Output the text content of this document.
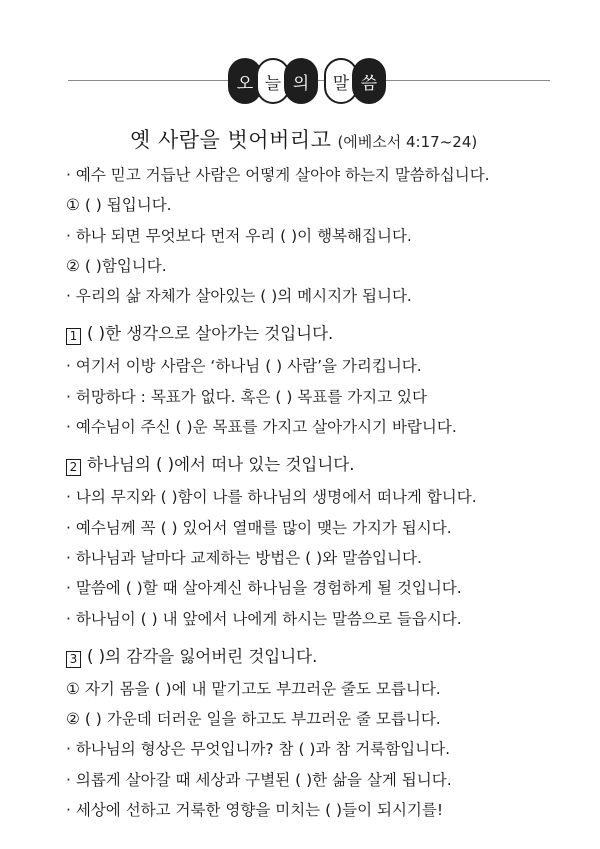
오 늘 의	말 씀
옛 사람을 벗어버리고 (에베소서 4:17~24)
· 예수 믿고 거듭난 사람은 어떻게 살아야 하는지 말씀하십니다.
① ( ) 됩입니다.
· 하나 되면 무엇보다 먼저 우리 ( )이 행복해집니다.
② ( )함입니다.
· 우리의 삶 자체가 살아있는 ( )의 메시지가 됩니다.
1 ( )한 생각으로 살아가는 것입니다.
· 여기서 이방 사람은 ‘하나님 ( ) 사람’을 가리킵니다.
· 허망하다 : 목표가 없다. 혹은 ( ) 목표를 가지고 있다
· 예수님이 주신 ( )운 목표를 가지고 살아가시기 바랍니다.
2 하나님의 ( )에서 떠나 있는 것입니다.
· 나의 무지와 ( )함이 나를 하나님의 생명에서 떠나게 합니다.
· 예수님께 꼭 ( ) 있어서 열매를 많이 맺는 가지가 됩시다.
· 하나님과 날마다 교제하는 방법은 ( )와 말씀입니다.
· 말씀에 ( )할 때 살아계신 하나님을 경험하게 될 것입니다.
· 하나님이 ( ) 내 앞에서 나에게 하시는 말씀으로 들읍시다.
3 ( )의 감각을 잃어버린 것입니다.
① 자기 몸을 ( )에 내 맡기고도 부끄러운 줄도 모릅니다.
② ( ) 가운데 더러운 일을 하고도 부끄러운 줄 모릅니다.
· 하나님의 형상은 무엇입니까? 참 ( )과 참 거룩함입니다.
· 의롭게 살아갈 때 세상과 구별된 ( )한 삶을 살게 됩니다.
· 세상에 선하고 거룩한 영향을 미치는 ( )들이 되시기를!
